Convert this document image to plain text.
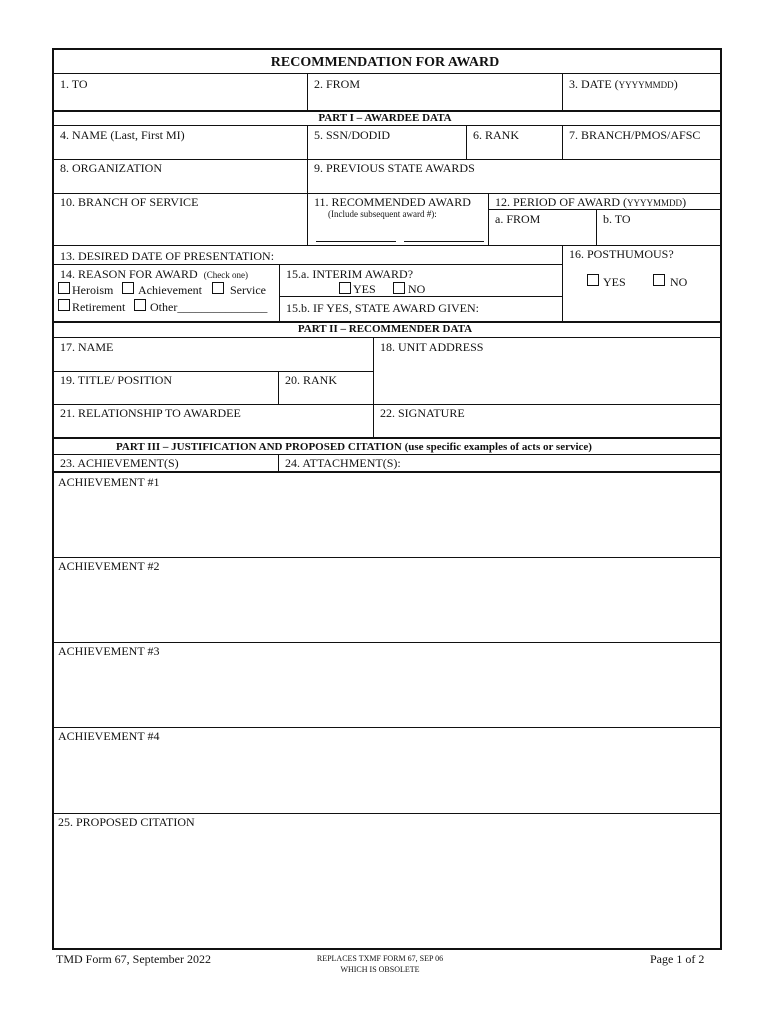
RECOMMENDATION FOR AWARD
1. TO	2. FROM	3. DATE (YYYYMMDD)
PART I – AWARDEE DATA
4. NAME (Last, First MI)	5. SSN/DODID	6. RANK	7. BRANCH/PMOS/AFSC
8. ORGANIZATION	9. PREVIOUS STATE AWARDS
10. BRANCH OF SERVICE	11. RECOMMENDED AWARD
(Include subsequent award #):
12. PERIOD OF AWARD (YYYYMMDD)
a. FROM	b. TO
13. DESIRED DATE OF PRESENTATION:	16. POSTHUMOUS?
YES	NO
14. REASON FOR AWARD (Check one)
Heroism Achievement Service
Retirement Other_______________
15.a. INTERIM AWARD?
YES	NO
15.b. IF YES, STATE AWARD GIVEN:
PART II – RECOMMENDER DATA
17. NAME	18. UNIT ADDRESS
19. TITLE/ POSITION	20. RANK
21. RELATIONSHIP TO AWARDEE	22. SIGNATURE
PART III – JUSTIFICATION AND PROPOSED CITATION (use specific examples of acts or service)
23. ACHIEVEMENT(S)	24. ATTACHMENT(S):
ACHIEVEMENT #1
ACHIEVEMENT #2
ACHIEVEMENT #3
ACHIEVEMENT #4
25. PROPOSED CITATION
TMD Form 67, September 2022	REPLACES TXMF FORM 67, SEP 06
WHICH IS OBSOLETE
Page 1 of 2
